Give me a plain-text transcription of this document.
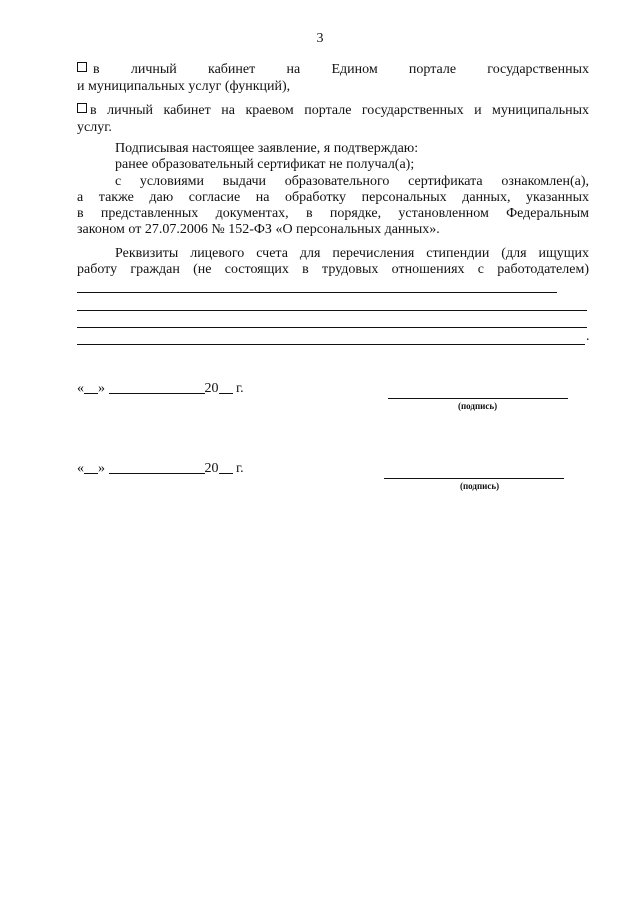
3
в личный кабинет на Едином портале государственных
и муниципальных услуг (функций),
в личный кабинет на краевом портале государственных и муниципальных
услуг.
Подписывая настоящее заявление, я подтверждаю:
ранее образовательный сертификат не получал(а);
с условиями выдачи образовательного сертификата ознакомлен(а),
а также даю согласие на обработку персональных данных, указанных
в представленных документах, в порядке, установленном Федеральным
законом от 27.07.2006 № 152-ФЗ «О персональных данных».
Реквизиты лицевого счета для перечисления стипендии (для ищущих
работу граждан (не состоящих в трудовых отношениях с работодателем)
.
« »	20 г.
(подпись)
« »	20 г.
(подпись)
